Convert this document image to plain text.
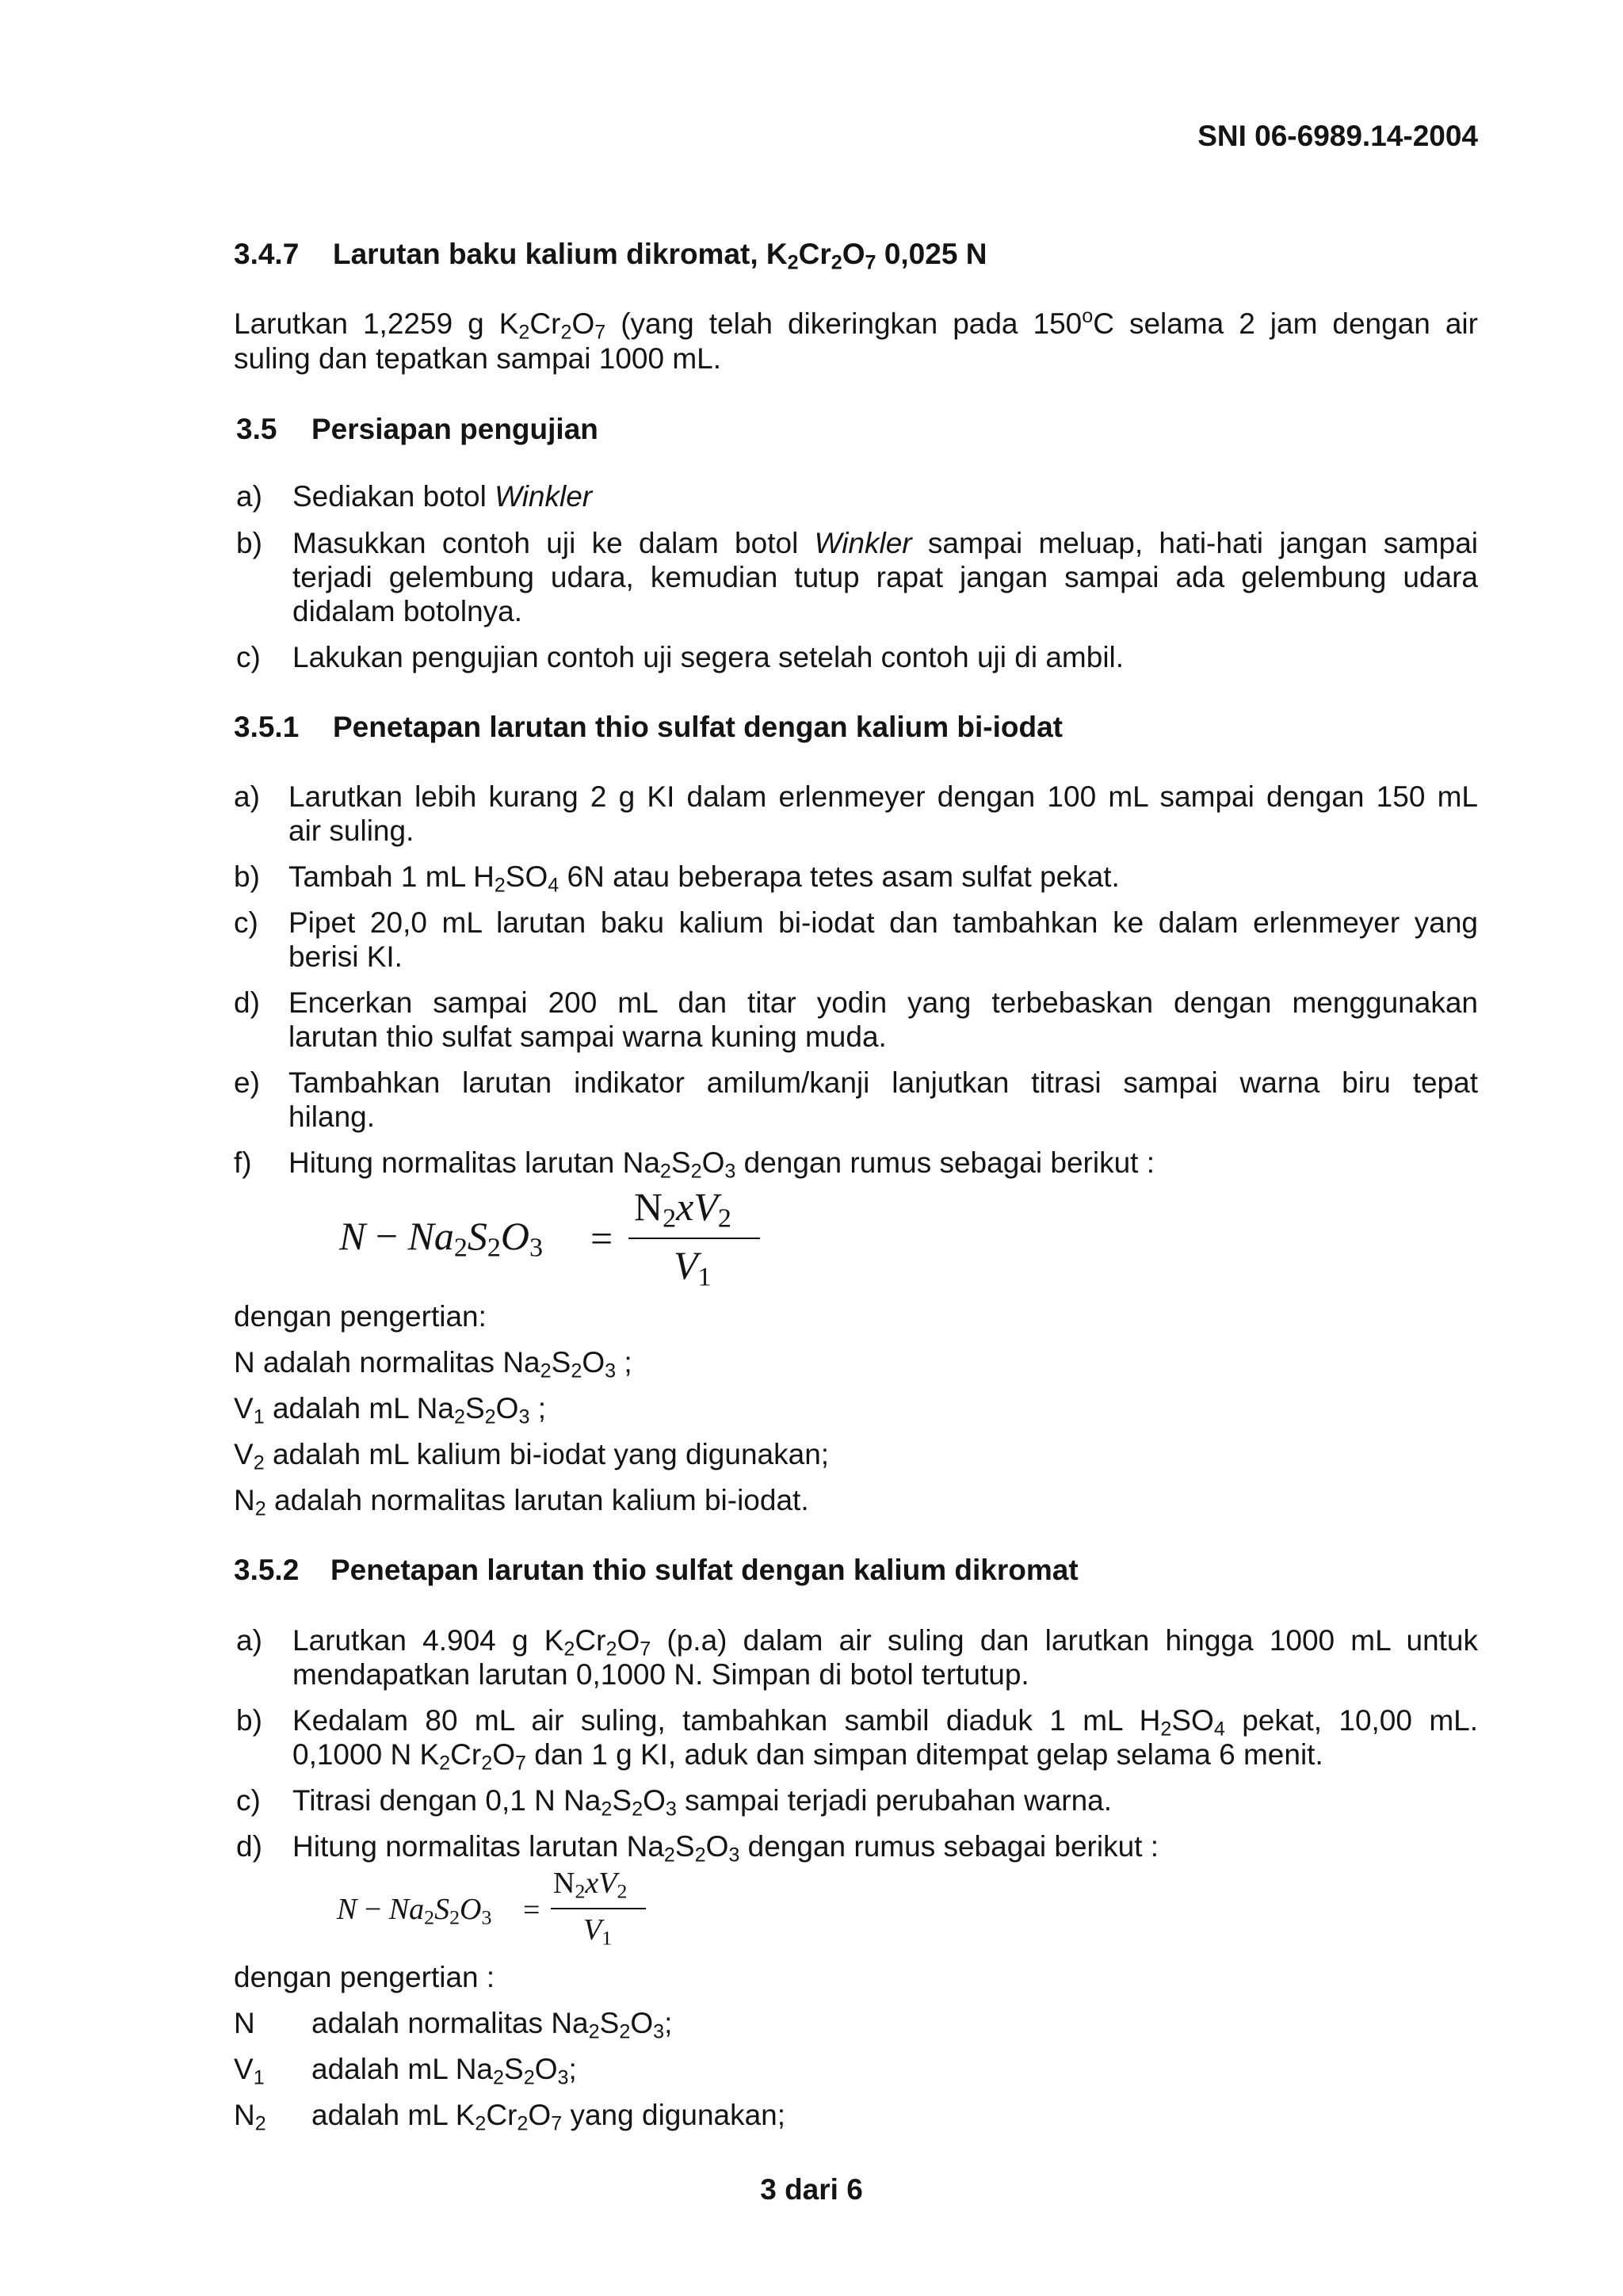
SNI 06-6989.14-2004
3.4.7 Larutan baku kalium dikromat, $K_2Cr_2O_7$ 0,025 N
Larutkan 1,2259 g $K_2Cr_2O_7$ (yang telah dikeringkan pada 150$^o$C selama 2 jam dengan air
suling dan tepatkan sampai 1000 mL.
3.5 Persiapan pengujian
a) Sediakan botol Winkler
b) Masukkan contoh uji ke dalam botol Winkler sampai meluap, hati-hati jangan sampai
terjadi gelembung udara, kemudian tutup rapat jangan sampai ada gelembung udara
didalam botolnya.
c) Lakukan pengujian contoh uji segera setelah contoh uji di ambil.
3.5.1 Penetapan larutan thio sulfat dengan kalium bi-iodat
a) Larutkan lebih kurang 2 g KI dalam erlenmeyer dengan 100 mL sampai dengan 150 mL
air suling.
b) Tambah 1 mL $H_2SO_4$ 6N atau beberapa tetes asam sulfat pekat.
c) Pipet 20,0 mL larutan baku kalium bi-iodat dan tambahkan ke dalam erlenmeyer yang
berisi KI.
d) Encerkan sampai 200 mL dan titar yodin yang terbebaskan dengan menggunakan
larutan thio sulfat sampai warna kuning muda.
e) Tambahkan larutan indikator amilum/kanji lanjutkan titrasi sampai warna biru tepat
hilang.
f) Hitung normalitas larutan $Na_2S_2O_3$ dengan rumus sebagai berikut :
$N - Na_2S_2O_3$ =
$N_2xV_2$
$V_1$
dengan pengertian:
N adalah normalitas $Na_2S_2O_3$ ;
$V_1$ adalah mL $Na_2S_2O_3$ ;
$V_2$ adalah mL kalium bi-iodat yang digunakan;
$N_2$ adalah normalitas larutan kalium bi-iodat.
3.5.2 Penetapan larutan thio sulfat dengan kalium dikromat
a) Larutkan 4.904 g $K_2Cr_2O_7$ (p.a) dalam air suling dan larutkan hingga 1000 mL untuk
mendapatkan larutan 0,1000 N. Simpan di botol tertutup.
b) Kedalam 80 mL air suling, tambahkan sambil diaduk 1 mL $H_2SO_4$ pekat, 10,00 mL.
0,1000 N $K_2Cr_2O_7$ dan 1 g KI, aduk dan simpan ditempat gelap selama 6 menit.
c) Titrasi dengan 0,1 N $Na_2S_2O_3$ sampai terjadi perubahan warna.
d) Hitung normalitas larutan $Na_2S_2O_3$ dengan rumus sebagai berikut :
$N - Na_2S_2O_3$ =
$N_2xV_2$
$V_1$
dengan pengertian :
N adalah normalitas $Na_2S_2O_3$;
$V_1$ adalah mL $Na_2S_2O_3$;
$N_2$ adalah mL $K_2Cr_2O_7$ yang digunakan;
3 dari 6
